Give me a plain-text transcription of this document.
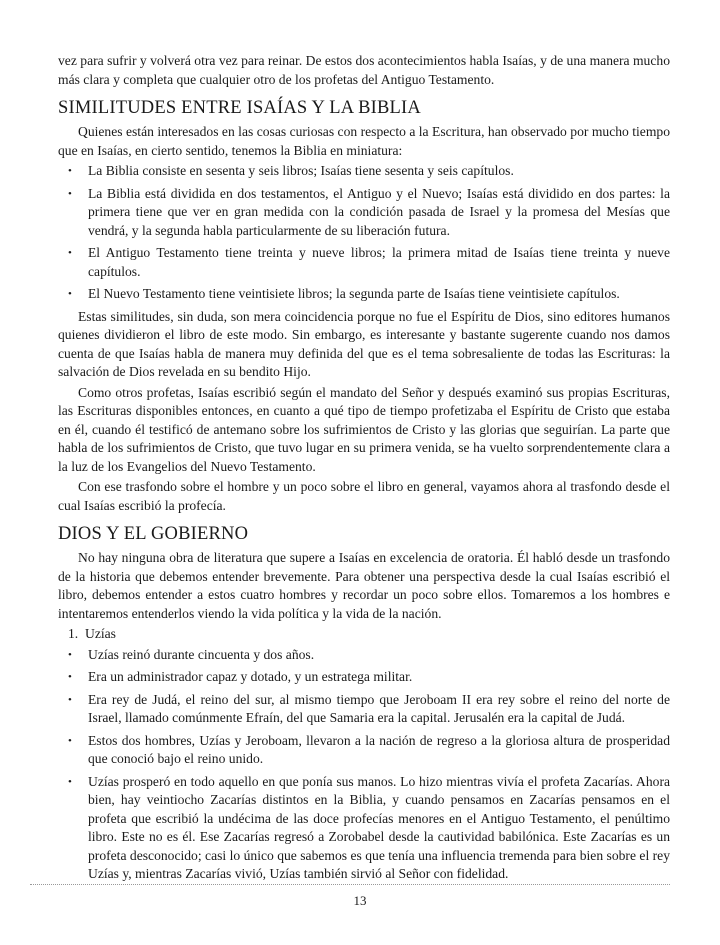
vez para sufrir y volverá otra vez para reinar. De estos dos acontecimientos habla Isaías, y de una manera mucho más clara y completa que cualquier otro de los profetas del Antiguo Testamento.

SIMILITUDES ENTRE ISAÍAS Y LA BIBLIA

Quienes están interesados en las cosas curiosas con respecto a la Escritura, han observado por mucho tiempo que en Isaías, en cierto sentido, tenemos la Biblia en miniatura:

• La Biblia consiste en sesenta y seis libros; Isaías tiene sesenta y seis capítulos.
• La Biblia está dividida en dos testamentos, el Antiguo y el Nuevo; Isaías está dividido en dos partes: la primera tiene que ver en gran medida con la condición pasada de Israel y la promesa del Mesías que vendrá, y la segunda habla particularmente de su liberación futura.
• El Antiguo Testamento tiene treinta y nueve libros; la primera mitad de Isaías tiene treinta y nueve capítulos.
• El Nuevo Testamento tiene veintisiete libros; la segunda parte de Isaías tiene veintisiete capítulos.

Estas similitudes, sin duda, son mera coincidencia porque no fue el Espíritu de Dios, sino editores humanos quienes dividieron el libro de este modo. Sin embargo, es interesante y bastante sugerente cuando nos damos cuenta de que Isaías habla de manera muy definida del que es el tema sobresaliente de todas las Escrituras: la salvación de Dios revelada en su bendito Hijo.

Como otros profetas, Isaías escribió según el mandato del Señor y después examinó sus propias Escrituras, las Escrituras disponibles entonces, en cuanto a qué tipo de tiempo profetizaba el Espíritu de Cristo que estaba en él, cuando él testificó de antemano sobre los sufrimientos de Cristo y las glorias que seguirían. La parte que habla de los sufrimientos de Cristo, que tuvo lugar en su primera venida, se ha vuelto sorprendentemente clara a la luz de los Evangelios del Nuevo Testamento.

Con ese trasfondo sobre el hombre y un poco sobre el libro en general, vayamos ahora al trasfondo desde el cual Isaías escribió la profecía.

DIOS Y EL GOBIERNO

No hay ninguna obra de literatura que supere a Isaías en excelencia de oratoria. Él habló desde un trasfondo de la historia que debemos entender brevemente. Para obtener una perspectiva desde la cual Isaías escribió el libro, debemos entender a estos cuatro hombres y recordar un poco sobre ellos. Tomaremos a los hombres e intentaremos entenderlos viendo la vida política y la vida de la nación.

1. Uzías
• Uzías reinó durante cincuenta y dos años.
• Era un administrador capaz y dotado, y un estratega militar.
• Era rey de Judá, el reino del sur, al mismo tiempo que Jeroboam II era rey sobre el reino del norte de Israel, llamado comúnmente Efraín, del que Samaria era la capital. Jerusalén era la capital de Judá.
• Estos dos hombres, Uzías y Jeroboam, llevaron a la nación de regreso a la gloriosa altura de prosperidad que conoció bajo el reino unido.
• Uzías prosperó en todo aquello en que ponía sus manos. Lo hizo mientras vivía el profeta Zacarías. Ahora bien, hay veintiocho Zacarías distintos en la Biblia, y cuando pensamos en Zacarías pensamos en el profeta que escribió la undécima de las doce profecías menores en el Antiguo Testamento, el penúltimo libro. Este no es él. Ese Zacarías regresó a Zorobabel desde la cautividad babilónica. Este Zacarías es un profeta desconocido; casi lo único que sabemos es que tenía una influencia tremenda para bien sobre el rey Uzías y, mientras Zacarías vivió, Uzías también sirvió al Señor con fidelidad.
13
